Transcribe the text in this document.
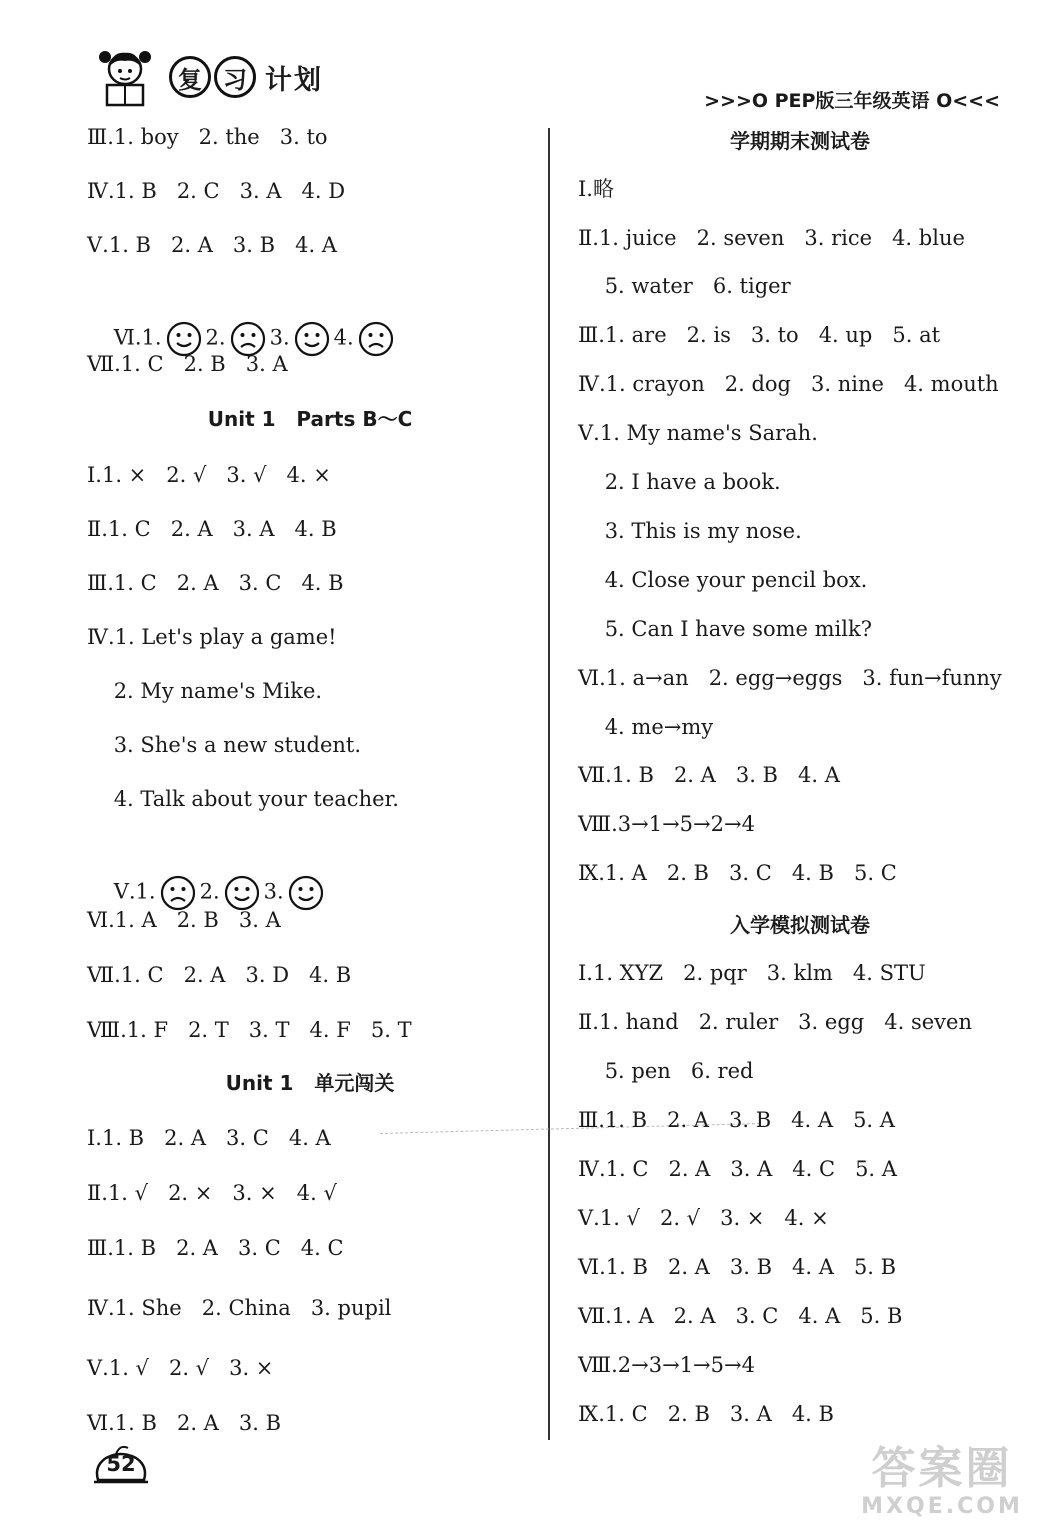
复 习 计划
>>>O PEP版三年级英语 O<<<
Ⅲ.1. boy   2. the   3. to
Ⅳ.1. B   2. C   3. A   4. D
Ⅴ.1. B   2. A   3. B   4. A

Ⅵ.1. 2. 3. 4.

Ⅶ.1. C   2. B   3. A
Unit 1   Parts B～C
Ⅰ.1. ×   2. √   3. √   4. ×
Ⅱ.1. C   2. A   3. A   4. B
Ⅲ.1. C   2. A   3. C   4. B
Ⅳ.1. Let's play a game!
2. My name's Mike.
3. She's a new student.
4. Talk about your teacher.

Ⅴ.1. 2. 3.

Ⅵ.1. A   2. B   3. A
Ⅶ.1. C   2. A   3. D   4. B
Ⅷ.1. F   2. T   3. T   4. F   5. T
Unit 1   单元闯关
Ⅰ.1. B   2. A   3. C   4. A
Ⅱ.1. √   2. ×   3. ×   4. √
Ⅲ.1. B   2. A   3. C   4. C
Ⅳ.1. She   2. China   3. pupil
Ⅴ.1. √   2. √   3. ×
Ⅵ.1. B   2. A   3. B
学期期末测试卷
Ⅰ.略
Ⅱ.1. juice   2. seven   3. rice   4. blue
5. water   6. tiger
Ⅲ.1. are   2. is   3. to   4. up   5. at
Ⅳ.1. crayon   2. dog   3. nine   4. mouth
Ⅴ.1. My name's Sarah.
2. I have a book.
3. This is my nose.
4. Close your pencil box.
5. Can I have some milk?
Ⅵ.1. a→an   2. egg→eggs   3. fun→funny
4. me→my
Ⅶ.1. B   2. A   3. B   4. A
Ⅷ.3→1→5→2→4
Ⅸ.1. A   2. B   3. C   4. B   5. C
入学模拟测试卷
Ⅰ.1. XYZ   2. pqr   3. klm   4. STU
Ⅱ.1. hand   2. ruler   3. egg   4. seven
5. pen   6. red
Ⅲ.1. B   2. A   3. B   4. A   5. A
Ⅳ.1. C   2. A   3. A   4. C   5. A
Ⅴ.1. √   2. √   3. ×   4. ×
Ⅵ.1. B   2. A   3. B   4. A   5. B
Ⅶ.1. A   2. A   3. C   4. A   5. B
Ⅷ.2→3→1→5→4
Ⅸ.1. C   2. B   3. A   4. B
52	答案圈
MXQE.COM
